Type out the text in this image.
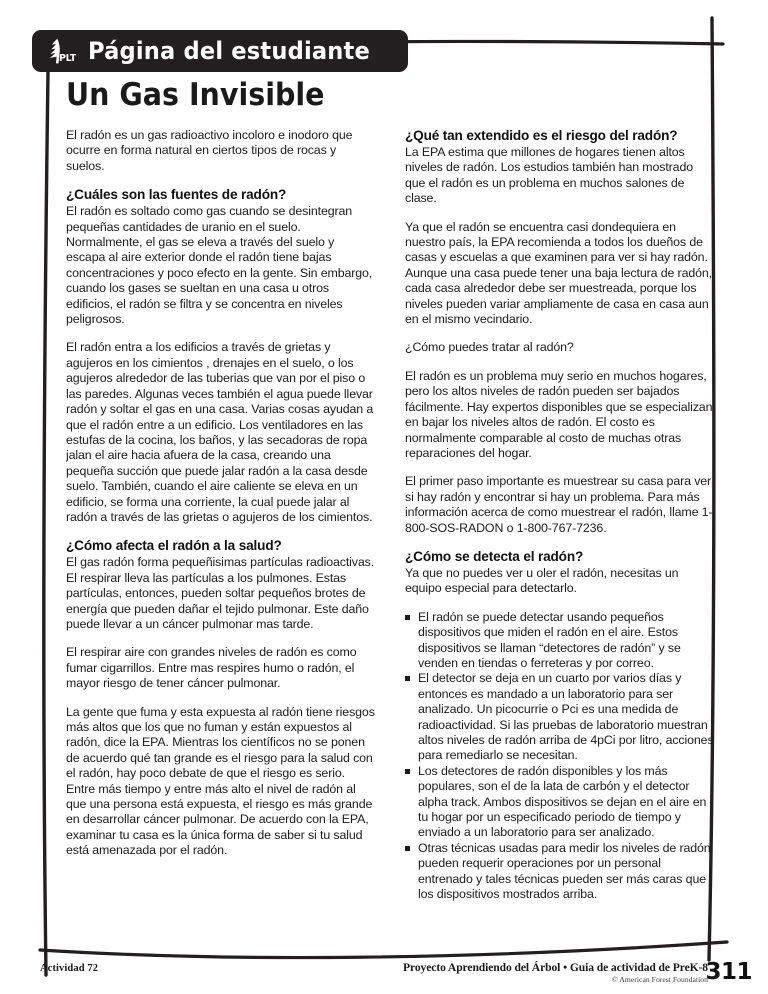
PLT Página del estudiante
Un Gas Invisible

El radón es un gas radioactivo incoloro e inodoro que ocurre en forma natural en ciertos tipos de rocas y suelos.

¿Cuáles son las fuentes de radón?

El radón es soltado como gas cuando se desintegran pequeñas cantidades de uranio en el suelo. Normalmente, el gas se eleva a través del suelo y escapa al aire exterior donde el radón tiene bajas concentraciones y poco efecto en la gente. Sin embargo, cuando los gases se sueltan en una casa u otros edificios, el radón se filtra y se concentra en niveles peligrosos.

El radón entra a los edificios a través de grietas y agujeros en los cimientos , drenajes en el suelo, o los agujeros alrededor de las tuberias que van por el piso o las paredes. Algunas veces también el agua puede llevar radón y soltar el gas en una casa. Varias cosas ayudan a que el radón entre a un edificio. Los ventiladores en las estufas de la cocina, los baños, y las secadoras de ropa jalan el aire hacia afuera de la casa, creando una pequeña succión que puede jalar radón a la casa desde suelo. También, cuando el aire caliente se eleva en un edificio, se forma una corriente, la cual puede jalar al radón a través de las grietas o agujeros de los cimientos.

¿Cómo afecta el radón a la salud?

El gas radón forma pequeñisimas partículas radioactivas. El respirar lleva las partículas a los pulmones. Estas partículas, entonces, pueden soltar pequeños brotes de energía que pueden dañar el tejido pulmonar. Este daño puede llevar a un cáncer pulmonar mas tarde.

El respirar aire con grandes niveles de radón es como fumar cigarrillos. Entre mas respires humo o radón, el mayor riesgo de tener cáncer pulmonar.

La gente que fuma y esta expuesta al radón tiene riesgos más altos que los que no fuman y están expuestos al radón, dice la EPA. Mientras los científicos no se ponen de acuerdo qué tan grande es el riesgo para la salud con el radón, hay poco debate de que el riesgo es serio. Entre más tiempo y entre más alto el nivel de radón al que una persona está expuesta, el riesgo es más grande en desarrollar cáncer pulmonar. De acuerdo con la EPA, examinar tu casa es la única forma de saber si tu salud está amenazada por el radón.

¿Qué tan extendido es el riesgo del radón?

La EPA estima que millones de hogares tienen altos niveles de radón. Los estudios también han mostrado que el radón es un problema en muchos salones de clase.

Ya que el radón se encuentra casi dondequiera en nuestro país, la EPA recomienda a todos los dueños de casas y escuelas a que examinen para ver si hay radón. Aunque una casa puede tener una baja lectura de radón, cada casa alrededor debe ser muestreada, porque los niveles pueden variar ampliamente de casa en casa aun en el mismo vecindario.

¿Cómo puedes tratar al radón?

El radón es un problema muy serio en muchos hogares, pero los altos niveles de radón pueden ser bajados fácilmente. Hay expertos disponibles que se especializan en bajar los niveles altos de radón. El costo es normalmente comparable al costo de muchas otras reparaciones del hogar.

El primer paso importante es muestrear su casa para ver si hay radón y encontrar si hay un problema. Para más información acerca de como muestrear el radón, llame 1-800-SOS-RADON o 1-800-767-7236.

¿Cómo se detecta el radón?

Ya que no puedes ver u oler el radón, necesitas un equipo especial para detectarlo.

El radón se puede detectar usando pequeños dispositivos que miden el radón en el aire. Estos dispositivos se llaman “detectores de radón” y se venden en tiendas o ferreteras y por correo.
El detector se deja en un cuarto por varios días y entonces es mandado a un laboratorio para ser analizado. Un picocurrie o Pci es una medida de radioactividad. Si las pruebas de laboratorio muestran altos niveles de radón arriba de 4pCi por litro, acciones para remediarlo se necesitan.
Los detectores de radón disponibles y los más populares, son el de la lata de carbón y el detector alpha track. Ambos dispositivos se dejan en el aire en tu hogar por un especificado periodo de tiempo y enviado a un laboratorio para ser analizado.
Otras técnicas usadas para medir los niveles de radón pueden requerir operaciones por un personal entrenado y tales técnicas pueden ser más caras que los dispositivos mostrados arriba.
Actividad 72	Proyecto Aprendiendo del Árbol • Guia de actividad de PreK-8
© American Forest Foundation
311
